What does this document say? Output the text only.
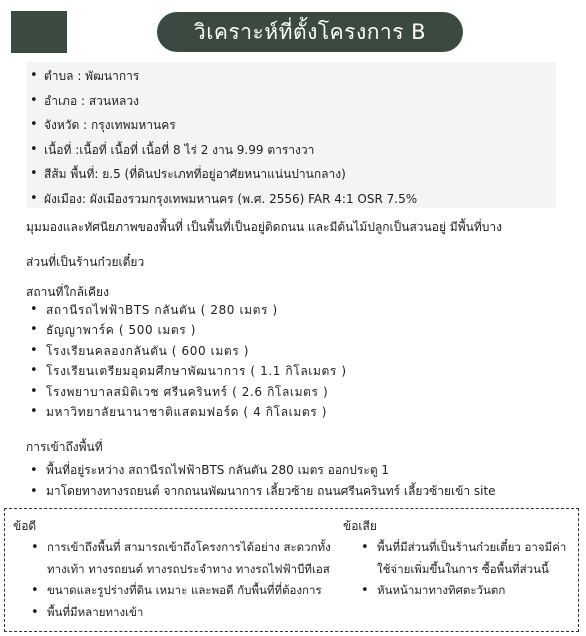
วิเคราะห์ที่ตั้งโครงการ B
• ตำบล : พัฒนาการ
• อำเภอ : สวนหลวง
• จังหวัด : กรุงเทพมหานคร
• เนื้อที่ :เนื้อที่ เนื้อที่ เนื้อที่ 8 ไร่ 2 งาน 9.99 ตารางวา
• สีส้ม พื้นที่: ย.5 (ที่ดินประเภทที่อยู่อาศัยหนาแน่นปานกลาง)
• ผังเมือง: ผังเมืองรวมกรุงเทพมหานคร (พ.ศ. 2556) FAR 4:1 OSR 7.5%
มุมมองและทัศนียภาพของพื้นที่ เป็นพื้นที่เป็นอยู่ติดถนน และมีต้นไม้ปลูกเป็นสวนอยู่ มีพื้นที่บาง
ส่วนที่เป็นร้านก๋วยเตี๋ยว
สถานที่ใกล้เคียง
• สถานีรถไฟฟ้าBTS กลันตัน ( 280 เมตร )
• ธัญญาพาร์ค ( 500 เมตร )
• โรงเรียนคลองกลันตัน ( 600 เมตร )
• โรงเรียนเตรียมอุดมศึกษาพัฒนาการ ( 1.1 กิโลเมตร )
• โรงพยาบาลสมิติเวช ศรีนครินทร์ ( 2.6 กิโลเมตร )
• มหาวิทยาลัยนานาชาติแสตมฟอร์ด ( 4 กิโลเมตร )
การเข้าถึงพื้นที่
• พื้นที่อยู่ระหว่าง สถานีรถไฟฟ้าBTS กลันตัน 280 เมตร ออกประตู 1
• มาโดยทางทางรถยนต์ จากถนนพัฒนาการ เลี้ยวซ้าย ถนนศรีนครินทร์ เลี้ยวซ้ายเข้า site
ข้อดี
• การเข้าถึงพื้นที่ สามารถเข้าถึงโครงการได้อย่าง สะดวกทั้งทางเท้า ทางรถยนต์ ทางรถประจำทาง ทางรถไฟฟ้าบีทีเอส
• ขนาดและรูปร่างที่ดิน เหมาะ และพอดี กับพื้นที่ที่ต้องการ
• พื้นที่มีหลายทางเข้า
ข้อเสีย
• พื้นที่มีส่วนที่เป็นร้านก๋วยเตี๋ยว อาจมีค่าใช้จ่ายเพิ่มขึ้นในการ ซื้อพื้นที่ส่วนนี้
• หันหน้ามาทางทิศตะวันตก
